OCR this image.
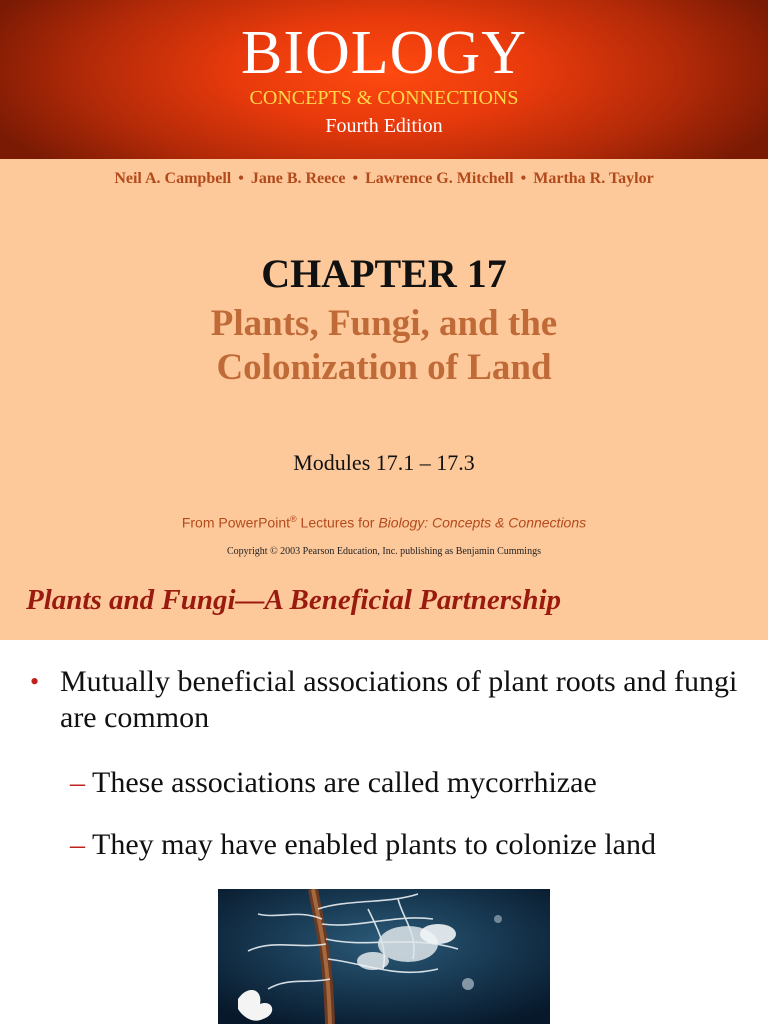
BIOLOGY
CONCEPTS & CONNECTIONS
Fourth Edition
Neil A. Campbell • Jane B. Reece • Lawrence G. Mitchell • Martha R. Taylor
CHAPTER 17
Plants, Fungi, and the
Colonization of Land
Modules 17.1 – 17.3
From PowerPoint® Lectures for Biology: Concepts & Connections
Copyright © 2003 Pearson Education, Inc. publishing as Benjamin Cummings
Plants and Fungi—A Beneficial Partnership
• Mutually beneficial associations of plant roots and fungi are common
– These associations are called mycorrhizae
– They may have enabled plants to colonize land
